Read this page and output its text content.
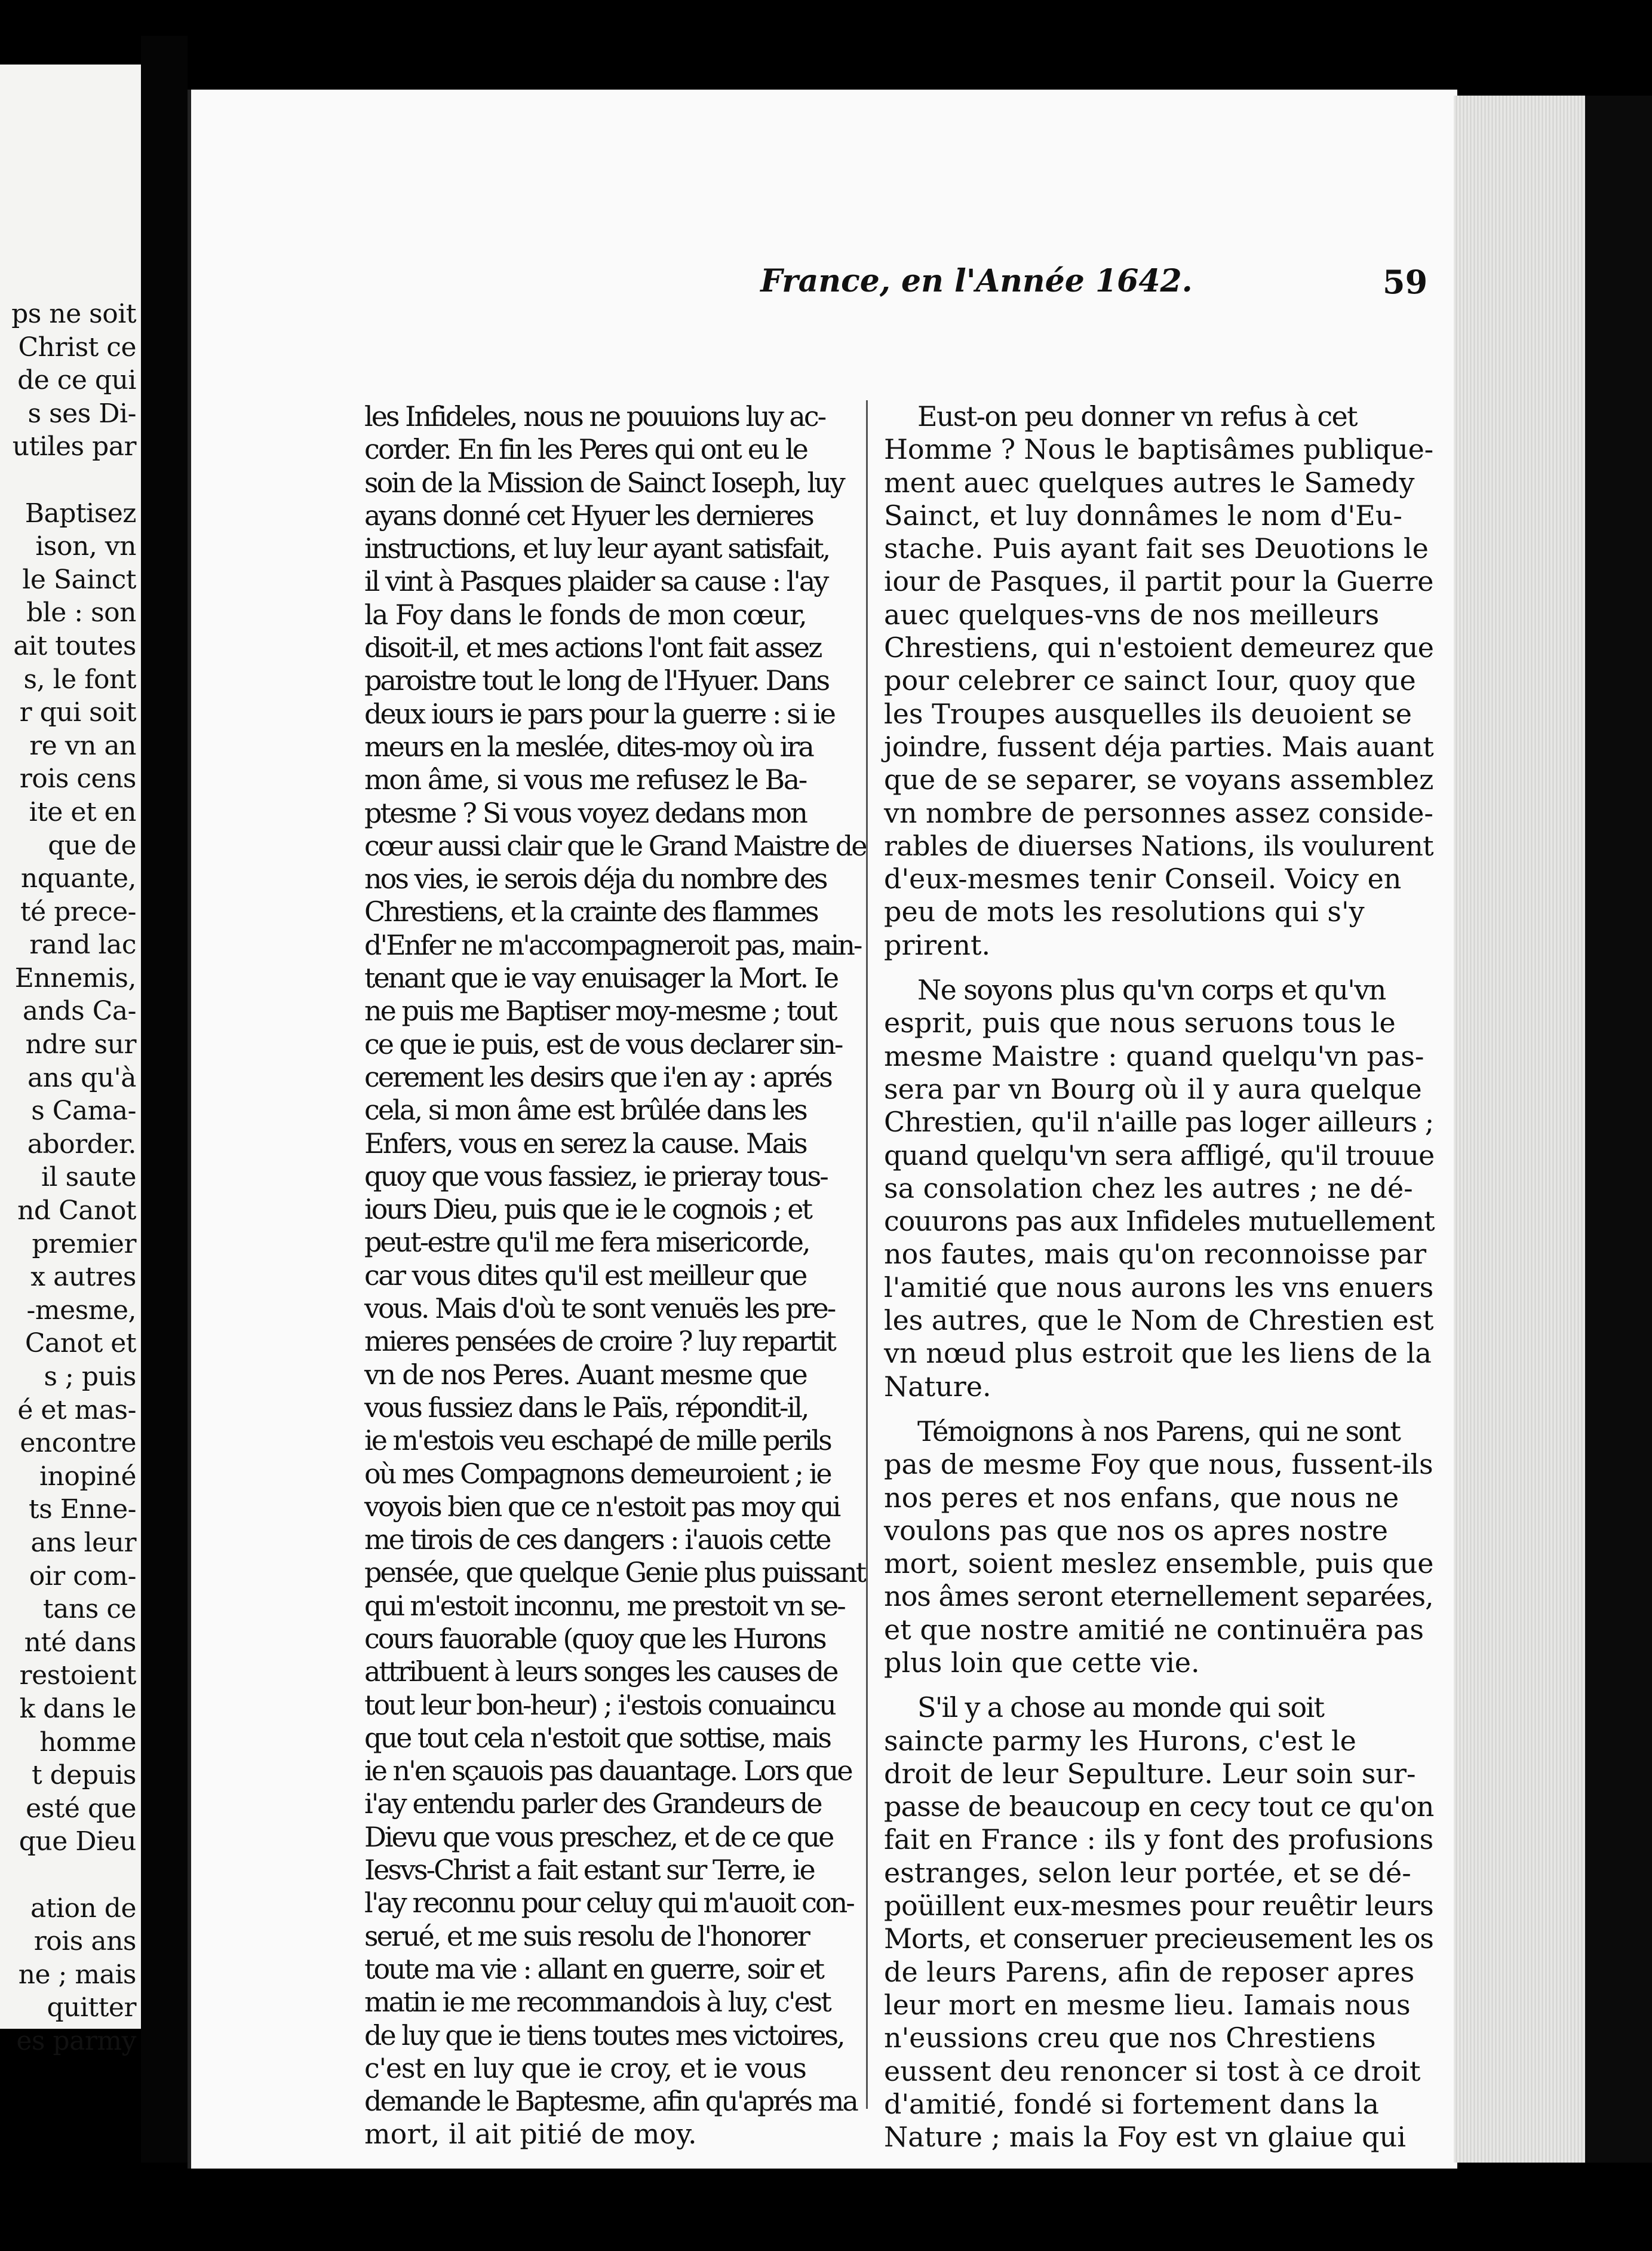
ps ne soit
Christ ce
de ce qui
s ses Di-
utiles par
Baptisez
ison, vn
le Sainct
ble : son
ait toutes
s, le font
r qui soit
re vn an
rois cens
ite et en
que de
nquante,
té prece-
rand lac
Ennemis,
ands Ca-
ndre sur
ans qu'à
s Cama-
aborder.
il saute
nd Canot
premier
x autres
-mesme,
Canot et
s ; puis
é et mas-
encontre
inopiné
ts Enne-
ans leur
oir com-
tans ce
nté dans
restoient
k dans le
homme
t depuis
esté que
que Dieu
ation de
rois ans
ne ; mais
quitter
es parmy
France, en l'Année 1642.	59
les Infideles, nous ne pouuions luy ac-
corder. En fin les Peres qui ont eu le
soin de la Mission de Sainct Ioseph, luy
ayans donné cet Hyuer les dernieres
instructions, et luy leur ayant satisfait,
il vint à Pasques plaider sa cause : l'ay
la Foy dans le fonds de mon cœur,
disoit-il, et mes actions l'ont fait assez
paroistre tout le long de l'Hyuer. Dans
deux iours ie pars pour la guerre : si ie
meurs en la meslée, dites-moy où ira
mon âme, si vous me refusez le Ba-
ptesme ? Si vous voyez dedans mon
cœur aussi clair que le Grand Maistre de
nos vies, ie serois déja du nombre des
Chrestiens, et la crainte des flammes
d'Enfer ne m'accompagneroit pas, main-
tenant que ie vay enuisager la Mort. Ie
ne puis me Baptiser moy-mesme ; tout
ce que ie puis, est de vous declarer sin-
cerement les desirs que i'en ay : aprés
cela, si mon âme est brûlée dans les
Enfers, vous en serez la cause. Mais
quoy que vous fassiez, ie prieray tous-
iours Dieu, puis que ie le cognois ; et
peut-estre qu'il me fera misericorde,
car vous dites qu'il est meilleur que
vous. Mais d'où te sont venuës les pre-
mieres pensées de croire ? luy repartit
vn de nos Peres. Auant mesme que
vous fussiez dans le Païs, répondit-il,
ie m'estois veu eschapé de mille perils
où mes Compagnons demeuroient ; ie
voyois bien que ce n'estoit pas moy qui
me tirois de ces dangers : i'auois cette
pensée, que quelque Genie plus puissant
qui m'estoit inconnu, me prestoit vn se-
cours fauorable (quoy que les Hurons
attribuent à leurs songes les causes de
tout leur bon-heur) ; i'estois conuaincu
que tout cela n'estoit que sottise, mais
ie n'en sçauois pas dauantage. Lors que
i'ay entendu parler des Grandeurs de
Dievu que vous preschez, et de ce que
Iesvs-Christ a fait estant sur Terre, ie
l'ay reconnu pour celuy qui m'auoit con-
serué, et me suis resolu de l'honorer
toute ma vie : allant en guerre, soir et
matin ie me recommandois à luy, c'est
de luy que ie tiens toutes mes victoires,
c'est en luy que ie croy, et ie vous
demande le Baptesme, afin qu'aprés ma
mort, il ait pitié de moy.
Eust-on peu donner vn refus à cet
Homme ? Nous le baptisâmes publique-
ment auec quelques autres le Samedy
Sainct, et luy donnâmes le nom d'Eu-
stache. Puis ayant fait ses Deuotions le
iour de Pasques, il partit pour la Guerre
auec quelques-vns de nos meilleurs
Chrestiens, qui n'estoient demeurez que
pour celebrer ce sainct Iour, quoy que
les Troupes ausquelles ils deuoient se
joindre, fussent déja parties. Mais auant
que de se separer, se voyans assemblez
vn nombre de personnes assez conside-
rables de diuerses Nations, ils voulurent
d'eux-mesmes tenir Conseil. Voicy en
peu de mots les resolutions qui s'y
prirent.
Ne soyons plus qu'vn corps et qu'vn
esprit, puis que nous seruons tous le
mesme Maistre : quand quelqu'vn pas-
sera par vn Bourg où il y aura quelque
Chrestien, qu'il n'aille pas loger ailleurs ;
quand quelqu'vn sera affligé, qu'il trouue
sa consolation chez les autres ; ne dé-
couurons pas aux Infideles mutuellement
nos fautes, mais qu'on reconnoisse par
l'amitié que nous aurons les vns enuers
les autres, que le Nom de Chrestien est
vn nœud plus estroit que les liens de la
Nature.
Témoignons à nos Parens, qui ne sont
pas de mesme Foy que nous, fussent-ils
nos peres et nos enfans, que nous ne
voulons pas que nos os apres nostre
mort, soient meslez ensemble, puis que
nos âmes seront eternellement separées,
et que nostre amitié ne continuëra pas
plus loin que cette vie.
S'il y a chose au monde qui soit
saincte parmy les Hurons, c'est le
droit de leur Sepulture. Leur soin sur-
passe de beaucoup en cecy tout ce qu'on
fait en France : ils y font des profusions
estranges, selon leur portée, et se dé-
poüillent eux-mesmes pour reuêtir leurs
Morts, et conseruer precieusement les os
de leurs Parens, afin de reposer apres
leur mort en mesme lieu. Iamais nous
n'eussions creu que nos Chrestiens
eussent deu renoncer si tost à ce droit
d'amitié, fondé si fortement dans la
Nature ; mais la Foy est vn glaiue qui
